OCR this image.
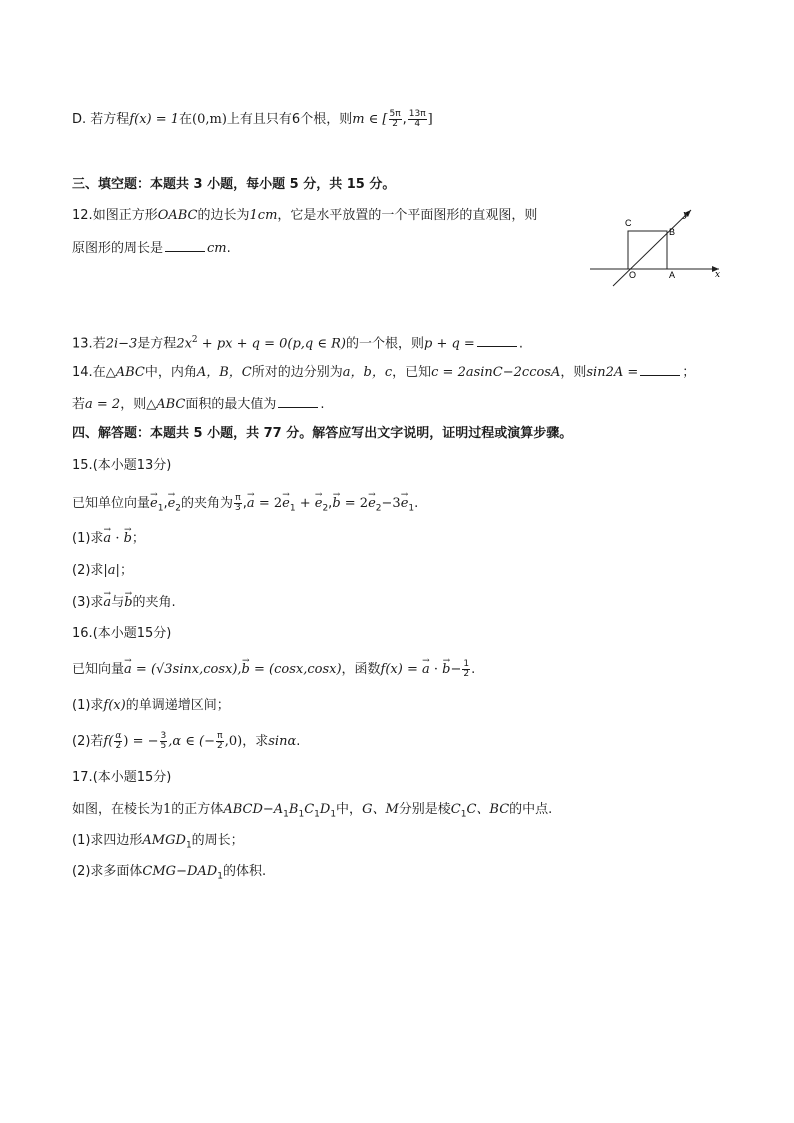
D. 若方程f(x) = 1在(0,m)上有且只有6个根，则m ∈ [ $\frac{5\pi}{2}$ , $\frac{13\pi}{4}$ ]
三、填空题：本题共 3 小题，每小题 5 分，共 15 分。
12.如图正方形OABC的边长为1cm，它是水平放置的一个平面图形的直观图，则
原图形的周长是	cm.
C
B
y
O	A	x
13.若2i−3是方程$2x^2$ + px + q = 0(p,q ∈ R)的一个根，则p + q =	.
14.在△ABC中，内角A，B，C所对的边分别为a，b，c，已知c = 2asinC−2ccosA，则sin2A =	；
若a = 2，则△ABC面积的最大值为	.
四、解答题：本题共 5 小题，共 77 分。解答应写出文字说明，证明过程或演算步骤。
15.(本小题13分)
已知单位向量→ $e_1,\to e_2$的夹角为 $\frac{\pi}{3}$ ,→ $a = 2\to e_1$ + → $e_2,\to b = 2\to e_2-3\to e_1$.
(1)求→ a · → b；
(2)求|a|；
(3)求→ a与→ b的夹角.
16.(本小题15分)
已知向量→ a = (√3sinx,cosx),→ b = (cosx,cosx)，函数f(x) = → a · → $b- \frac{1}{2}$ .
(1)求f(x)的单调递增区间；
(2)若$f( \frac{\alpha}{2}$ ) = − $\frac{3}{5} ,\alpha$ ∈ (− $\frac{\pi}{2} ,0$)，求sinα.
17.(本小题15分)
如图，在棱长为1的正方体$ABCD-A_1B_1C_1D_1$中，G、M分别是棱$C_1C$、BC的中点.
(1)求四边形$AMGD_1$的周长；
(2)求多面体$CMG-DAD_1$的体积.
